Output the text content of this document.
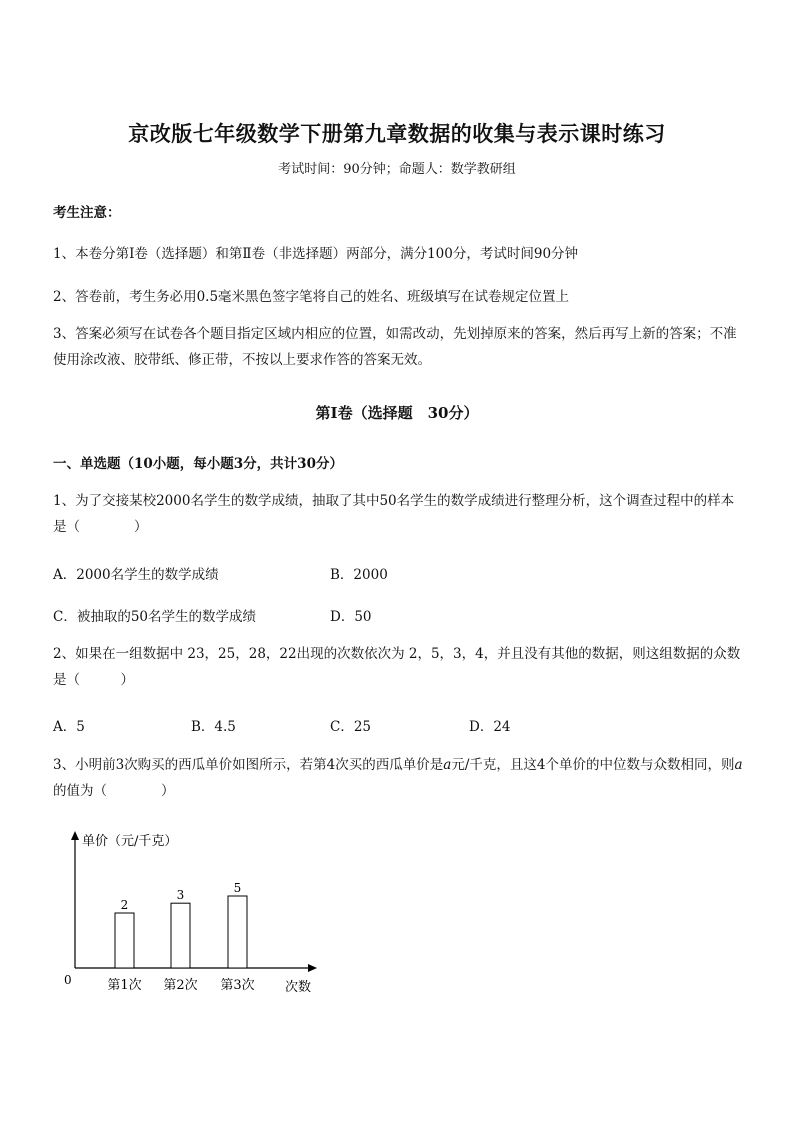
京改版七年级数学下册第九章数据的收集与表示课时练习
考试时间：90分钟；命题人：数学教研组
考生注意：
1、本卷分第Ⅰ卷（选择题）和第Ⅱ卷（非选择题）两部分，满分100分，考试时间90分钟
2、答卷前，考生务必用0.5毫米黑色签字笔将自己的姓名、班级填写在试卷规定位置上
3、答案必须写在试卷各个题目指定区域内相应的位置，如需改动，先划掉原来的答案，然后再写上新的答案；不准使用涂改液、胶带纸、修正带，不按以上要求作答的答案无效。
第Ⅰ卷（选择题　30分）
一、单选题（10小题，每小题3分，共计30分）
1、为了交接某校2000名学生的数学成绩，抽取了其中50名学生的数学成绩进行整理分析，这个调查过程中的样本是（　　　　）
A．2000名学生的数学成绩	B．2000
C．被抽取的50名学生的数学成绩	D．50
2、如果在一组数据中 23，25，28，22出现的次数依次为 2，5，3，4，并且没有其他的数据，则这组数据的众数是（　　　）
A．5	B．4.5	C．25	D．24
3、小明前3次购买的西瓜单价如图所示，若第4次买的西瓜单价是𝑎元/千克，且这4个单价的中位数与众数相同，则𝑎的值为（　　　　）
单价（元/千克）
次数
0
2
第1次
3
第2次
5
第3次
